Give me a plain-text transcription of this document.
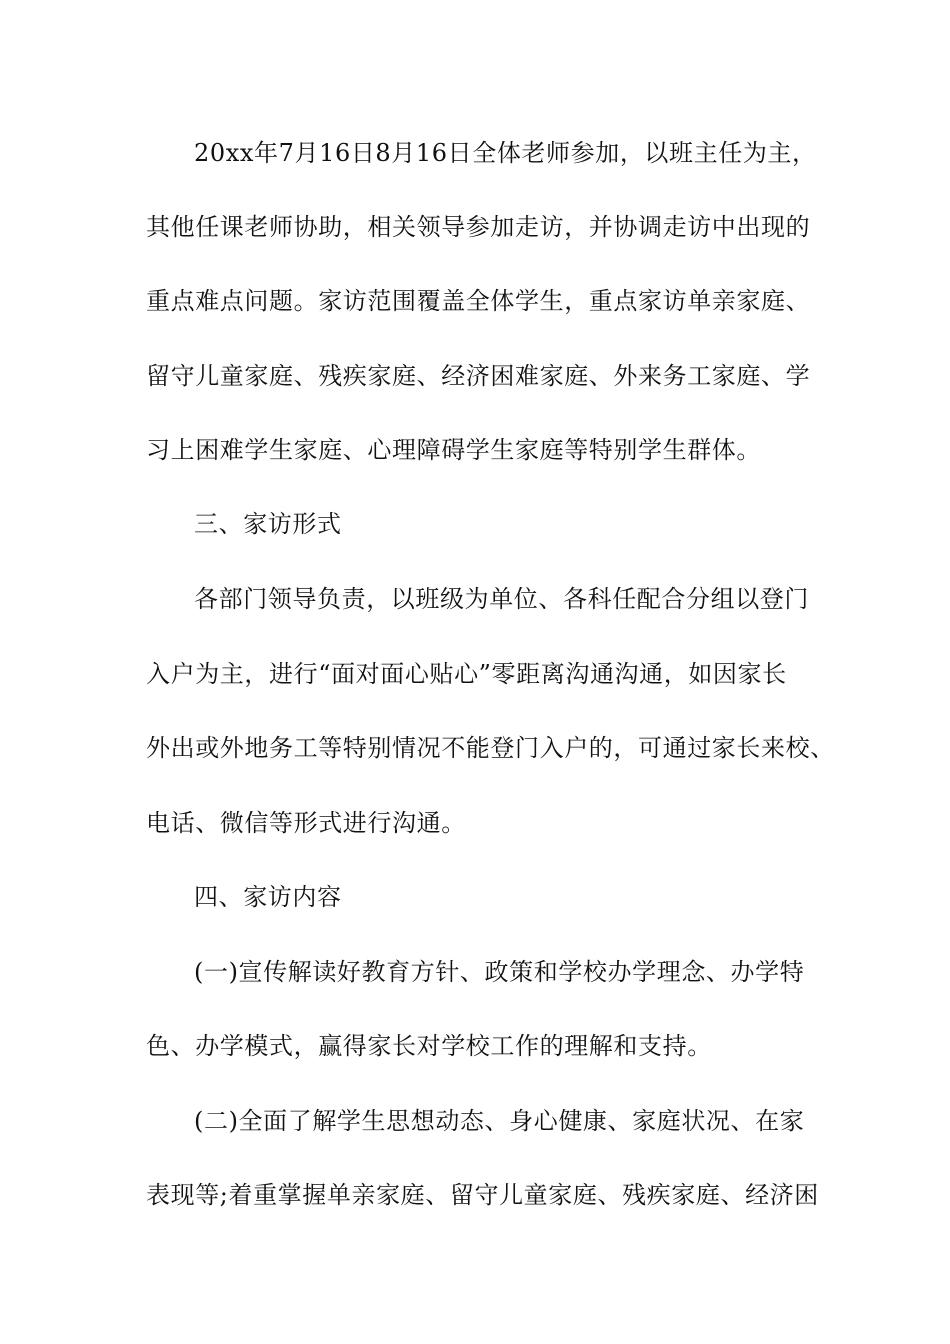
20xx年7月16日8月16日全体老师参加，以班主任为主，
其他任课老师协助，相关领导参加走访，并协调走访中出现的
重点难点问题。家访范围覆盖全体学生，重点家访单亲家庭、
留守儿童家庭、残疾家庭、经济困难家庭、外来务工家庭、学
习上困难学生家庭、心理障碍学生家庭等特别学生群体。
三、家访形式
各部门领导负责，以班级为单位、各科任配合分组以登门
入户为主，进行“面对面心贴心”零距离沟通沟通，如因家长
外出或外地务工等特别情况不能登门入户的，可通过家长来校、
电话、微信等形式进行沟通。
四、家访内容
(一)宣传解读好教育方针、政策和学校办学理念、办学特
色、办学模式，赢得家长对学校工作的理解和支持。
(二)全面了解学生思想动态、身心健康、家庭状况、在家
表现等;着重掌握单亲家庭、留守儿童家庭、残疾家庭、经济困
